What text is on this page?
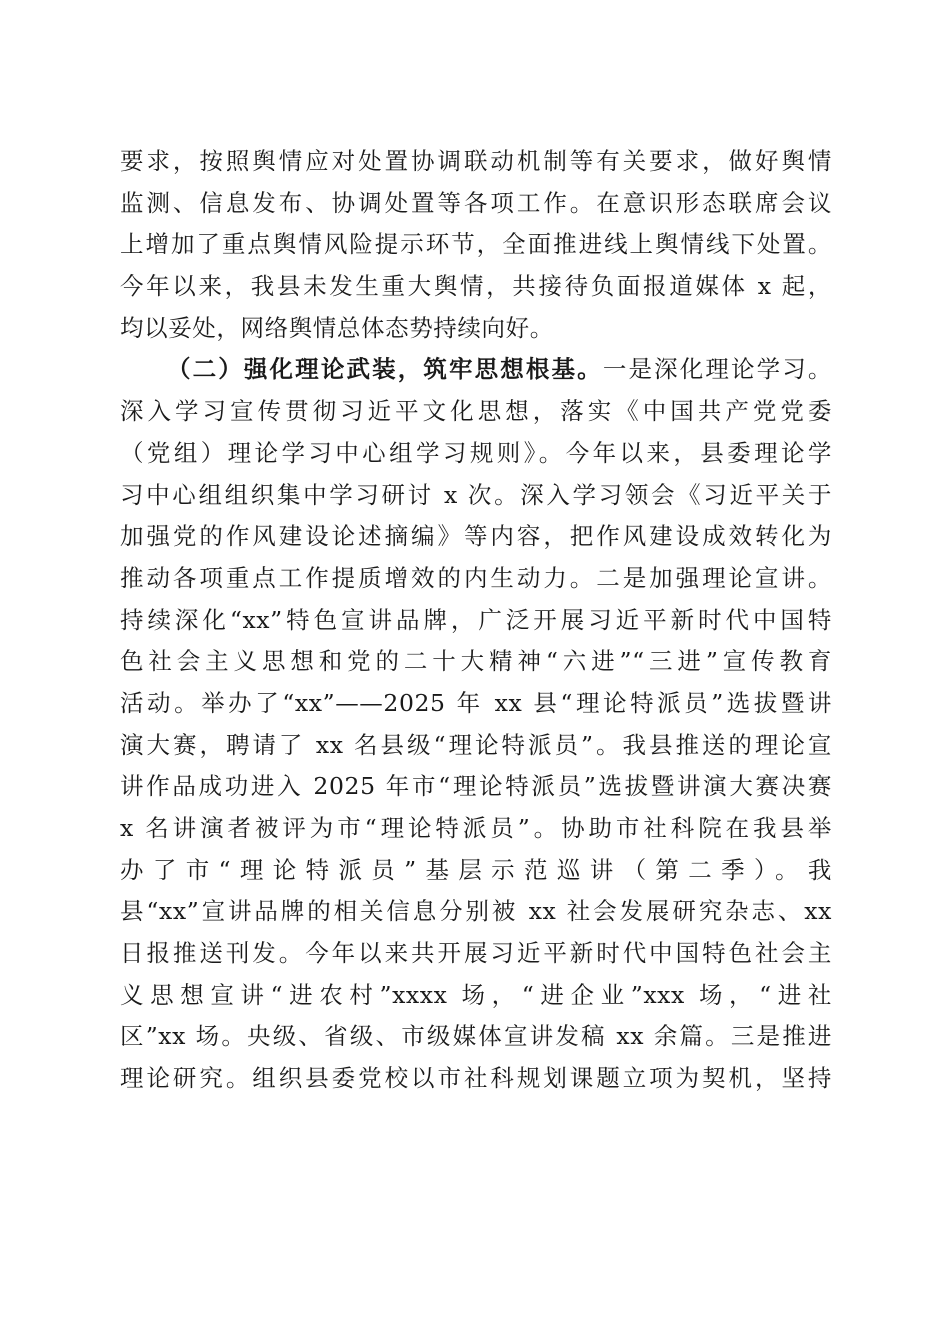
要求，按照舆情应对处置协调联动机制等有关要求，做好舆情
监测、信息发布、协调处置等各项工作。在意识形态联席会议
上增加了重点舆情风险提示环节，全面推进线上舆情线下处置。
今年以来，我县未发生重大舆情，共接待负面报道媒体 x 起，
均以妥处，网络舆情总体态势持续向好。
（二）强化理论武装，筑牢思想根基。一是深化理论学习。
深入学习宣传贯彻习近平文化思想，落实《中国共产党党委
（党组）理论学习中心组学习规则》。今年以来，县委理论学
习中心组组织集中学习研讨 x 次。深入学习领会《习近平关于
加强党的作风建设论述摘编》等内容，把作风建设成效转化为
推动各项重点工作提质增效的内生动力。二是加强理论宣讲。
持续深化“xx”特色宣讲品牌，广泛开展习近平新时代中国特
色社会主义思想和党的二十大精神“六进”“三进”宣传教育
活动。举办了“xx”——2025 年 xx 县“理论特派员”选拔暨讲
演大赛，聘请了 xx 名县级“理论特派员”。我县推送的理论宣
讲作品成功进入 2025 年市“理论特派员”选拔暨讲演大赛决赛
x 名讲演者被评为市“理论特派员”。协助市社科院在我县举
办了市“理论特派员”基层示范巡讲（第二季）。我
县“xx”宣讲品牌的相关信息分别被 xx 社会发展研究杂志、xx
日报推送刊发。今年以来共开展习近平新时代中国特色社会主
义思想宣讲“进农村”xxxx 场，“进企业”xxx 场，“进社
区”xx 场。央级、省级、市级媒体宣讲发稿 xx 余篇。三是推进
理论研究。组织县委党校以市社科规划课题立项为契机，坚持
